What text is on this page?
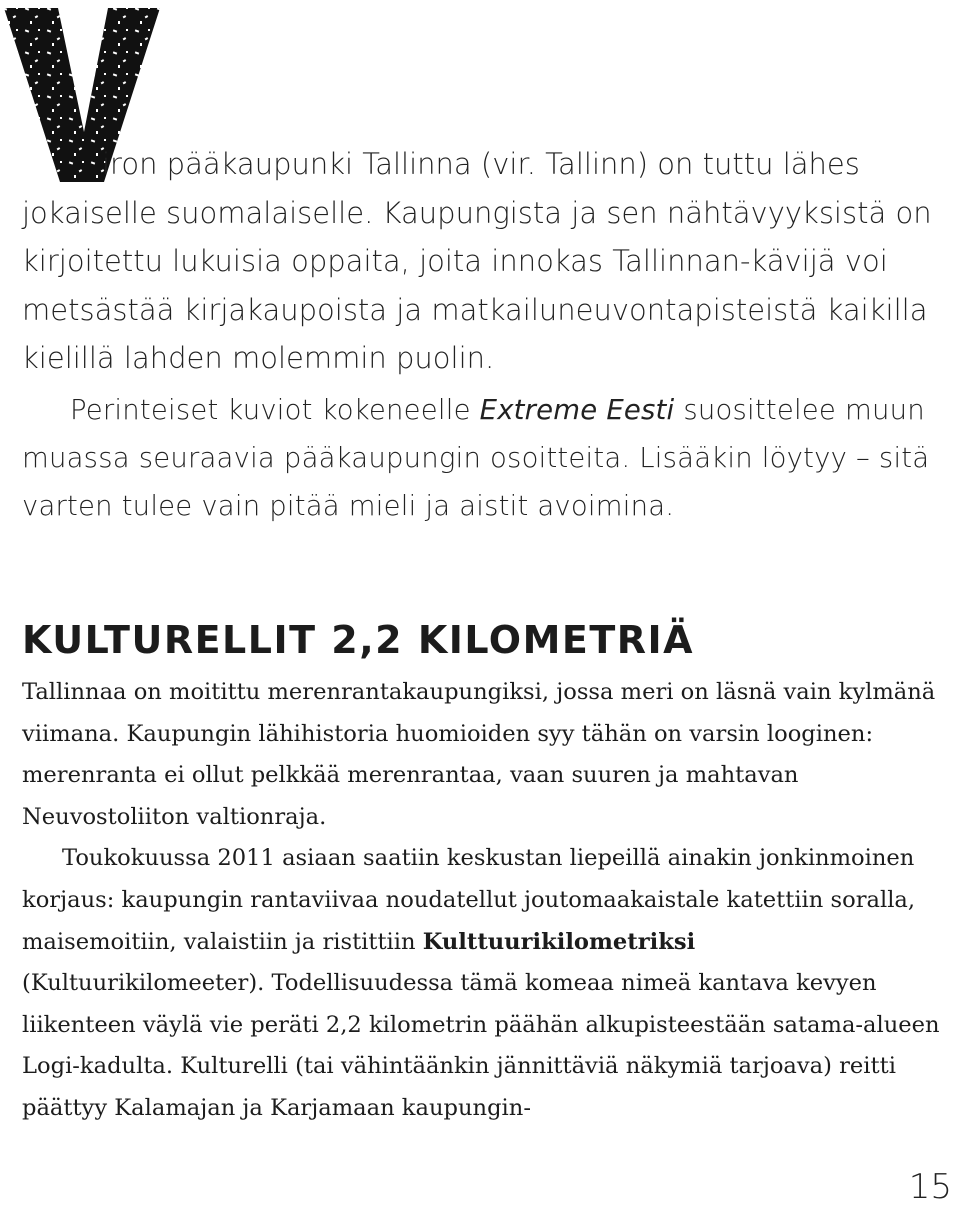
iron pääkaupunki Tallinna (vir. Tallinn) on tuttu lähes
jokaiselle suomalaiselle. Kaupungista ja sen nähtävyyksistä on
kirjoitettu lukuisia oppaita, joita innokas Tallinnan-kävijä voi
metsästää kirjakaupoista ja matkailuneuvontapisteistä kaikilla
kielillä lahden molemmin puolin.

Perinteiset kuviot kokeneelle Extreme Eesti suosittelee muun muassa seuraavia pääkaupungin osoitteita. Lisääkin löytyy – sitä varten tulee vain pitää mieli ja aistit avoimina.

KULTURELLIT 2,2 KILOMETRIÄ

Tallinnaa on moitittu merenrantakaupungiksi, jossa meri on läsnä vain kylmänä viimana. Kaupungin lähihistoria huomioiden syy tähän on varsin looginen: merenranta ei ollut pelkkää merenrantaa, vaan suuren ja mahtavan Neuvostoliiton valtionraja.

Toukokuussa 2011 asiaan saatiin keskustan liepeillä ainakin jonkinmoinen korjaus: kaupungin rantaviivaa noudatellut joutomaakaistale katettiin soralla, maisemoitiin, valaistiin ja ristittiin Kulttuurikilometriksi (Kultuurikilomeeter). Todellisuudessa tämä komeaa nimeä kantava kevyen liikenteen väylä vie peräti 2,2 kilometrin päähän alkupisteestään satama-alueen Logi-kadulta. Kulturelli (tai vähintäänkin jännittäviä näkymiä tarjoava) reitti päättyy Kalamajan ja Karjamaan kaupungin-

15
